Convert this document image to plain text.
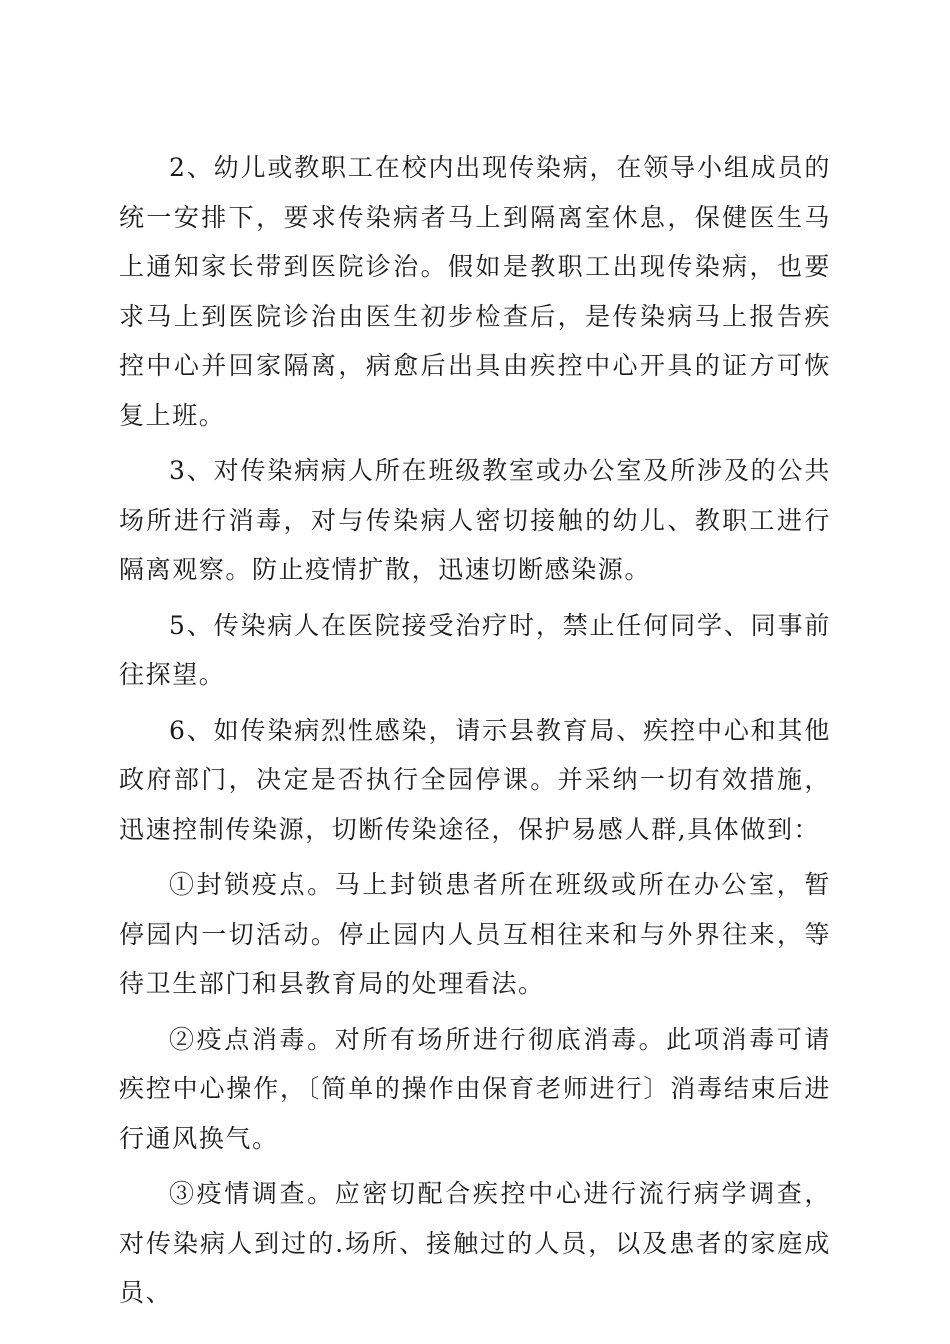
2、幼儿或教职工在校内出现传染病，在领导小组成员的统一安排下，要求传染病者马上到隔离室休息，保健医生马上通知家长带到医院诊治。假如是教职工出现传染病，也要求马上到医院诊治由医生初步检查后，是传染病马上报告疾控中心并回家隔离，病愈后出具由疾控中心开具的证方可恢复上班。

3、对传染病病人所在班级教室或办公室及所涉及的公共场所进行消毒，对与传染病人密切接触的幼儿、教职工进行隔离观察。防止疫情扩散，迅速切断感染源。

5、传染病人在医院接受治疗时，禁止任何同学、同事前往探望。

6、如传染病烈性感染，请示县教育局、疾控中心和其他政府部门，决定是否执行全园停课。并采纳一切有效措施，迅速控制传染源，切断传染途径，保护易感人群,具体做到：

①封锁疫点。马上封锁患者所在班级或所在办公室，暂停园内一切活动。停止园内人员互相往来和与外界往来，等待卫生部门和县教育局的处理看法。

②疫点消毒。对所有场所进行彻底消毒。此项消毒可请疾控中心操作，〔简单的操作由保育老师进行〕消毒结束后进行通风换气。

③疫情调查。应密切配合疾控中心进行流行病学调查，对传染病人到过的.场所、接触过的人员，以及患者的家庭成员、
